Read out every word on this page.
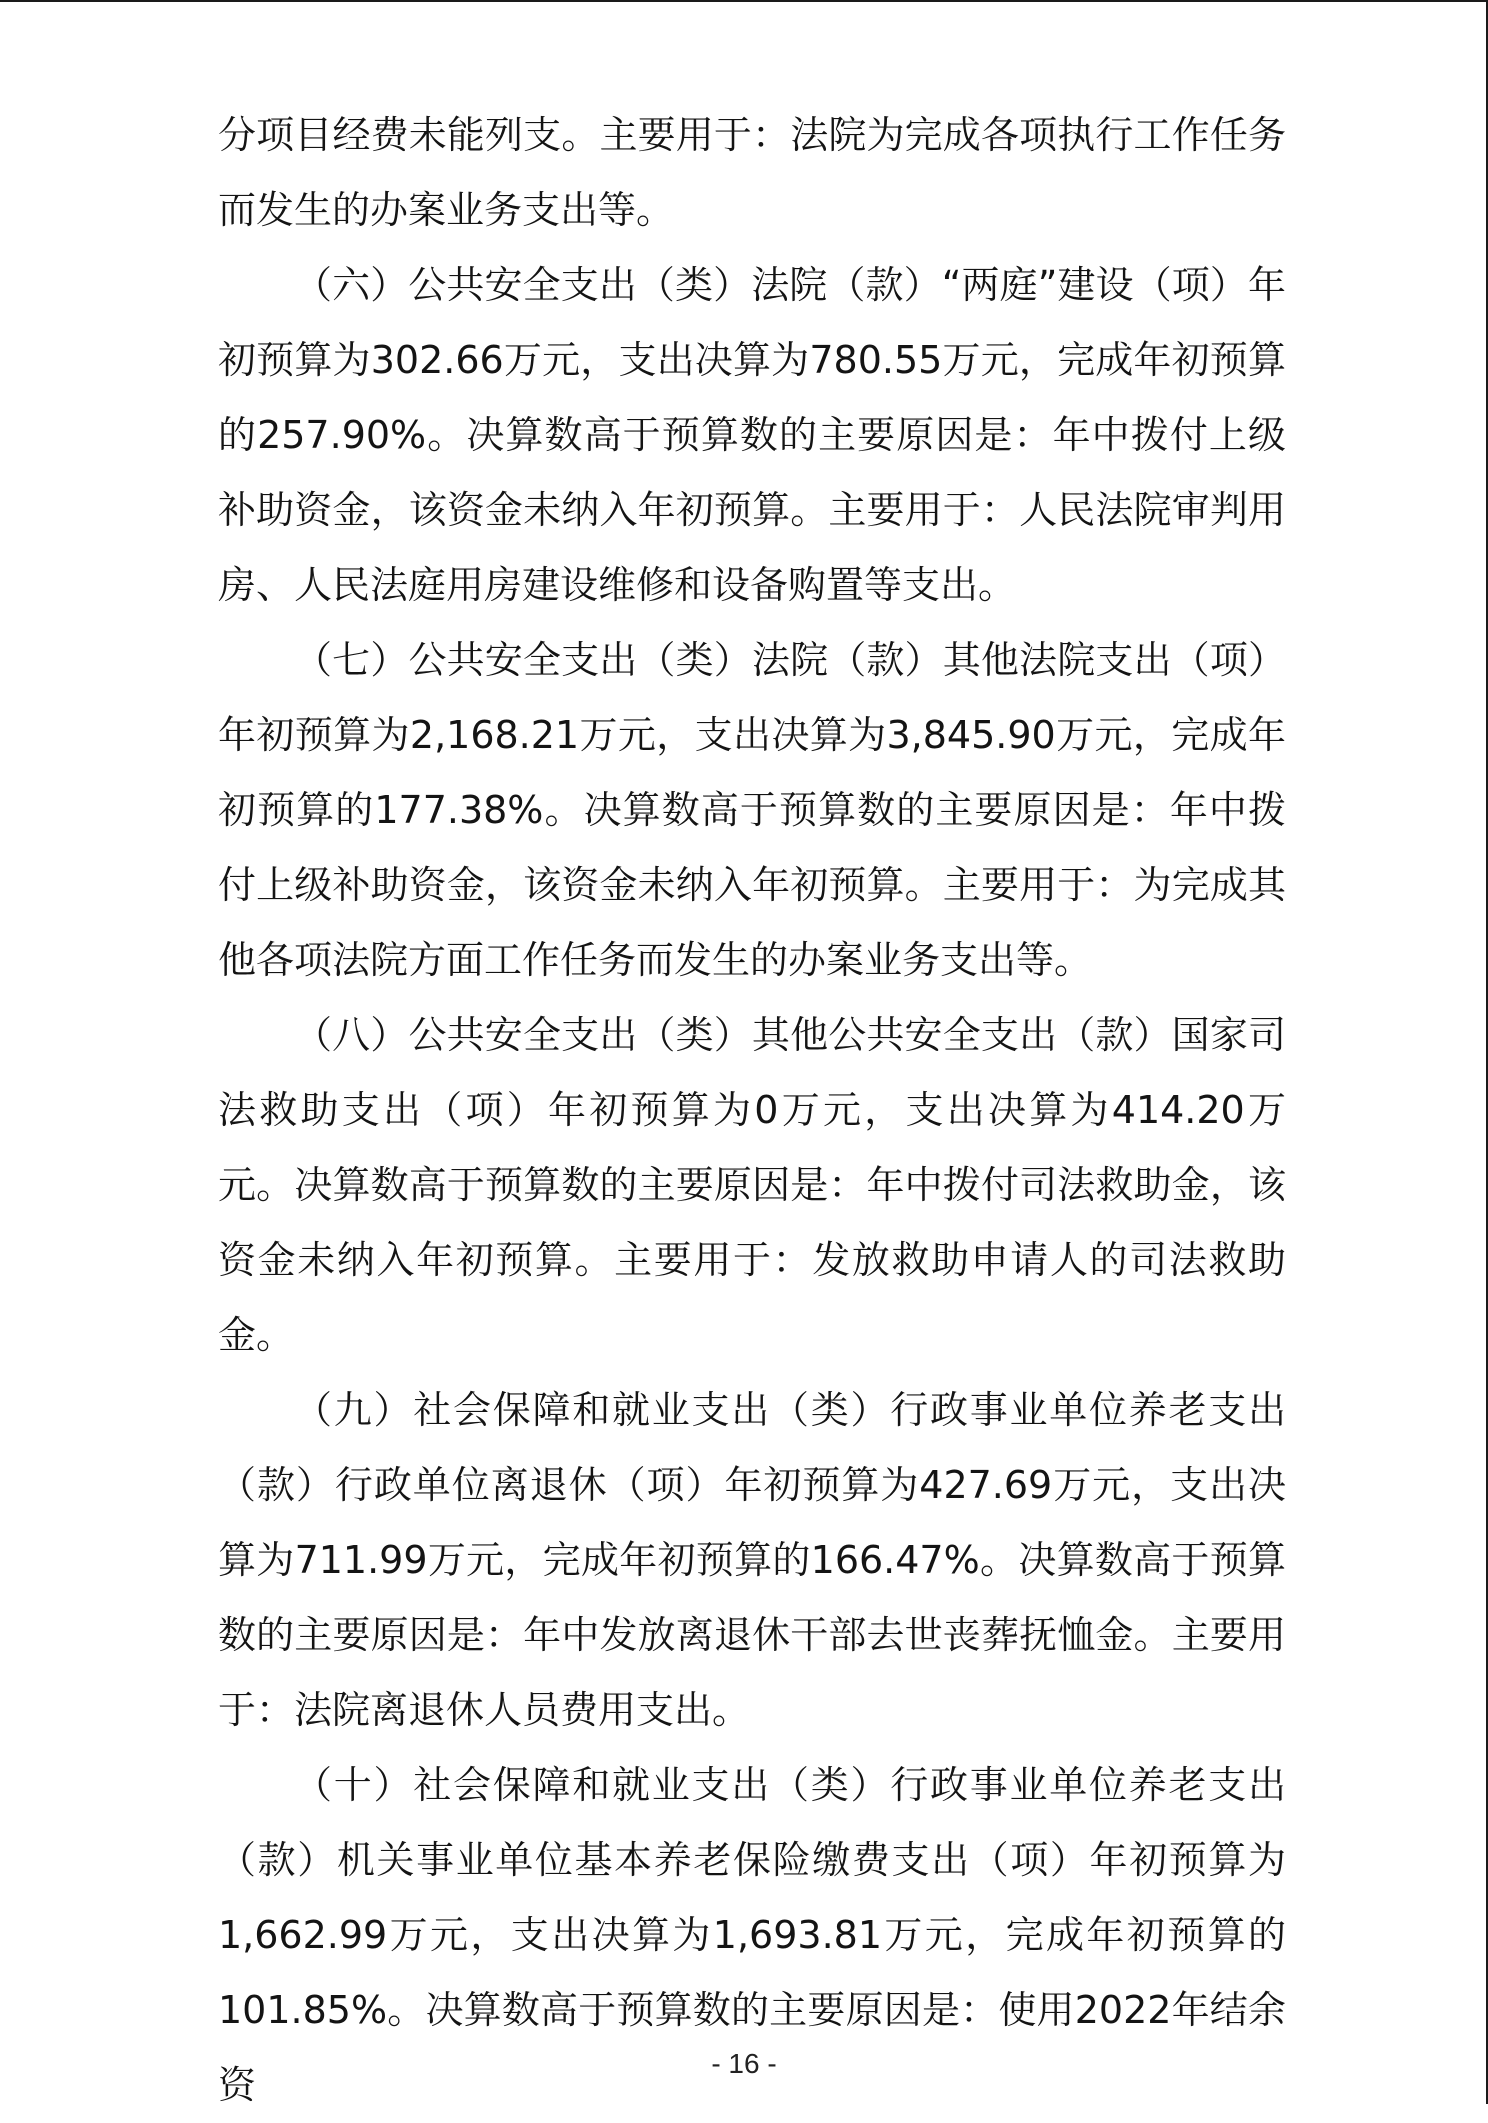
分项目经费未能列支。主要用于：法院为完成各项执行工作任务而发生的办案业务支出等。

（六）公共安全支出（类）法院（款）“两庭”建设（项）年初预算为302.66万元，支出决算为780.55万元，完成年初预算的257.90%。决算数高于预算数的主要原因是：年中拨付上级补助资金，该资金未纳入年初预算。主要用于：人民法院审判用房、人民法庭用房建设维修和设备购置等支出。

（七）公共安全支出（类）法院（款）其他法院支出（项）年初预算为2,168.21万元，支出决算为3,845.90万元，完成年初预算的177.38%。决算数高于预算数的主要原因是：年中拨付上级补助资金，该资金未纳入年初预算。主要用于：为完成其他各项法院方面工作任务而发生的办案业务支出等。

（八）公共安全支出（类）其他公共安全支出（款）国家司法救助支出（项）年初预算为0万元，支出决算为414.20万元。决算数高于预算数的主要原因是：年中拨付司法救助金，该资金未纳入年初预算。主要用于：发放救助申请人的司法救助金。

（九）社会保障和就业支出（类）行政事业单位养老支出（款）行政单位离退休（项）年初预算为427.69万元，支出决算为711.99万元，完成年初预算的166.47%。决算数高于预算数的主要原因是：年中发放离退休干部去世丧葬抚恤金。主要用于：法院离退休人员费用支出。

（十）社会保障和就业支出（类）行政事业单位养老支出（款）机关事业单位基本养老保险缴费支出（项）年初预算为1,662.99万元，支出决算为1,693.81万元，完成年初预算的101.85%。决算数高于预算数的主要原因是：使用2022年结余资	- 16 -
